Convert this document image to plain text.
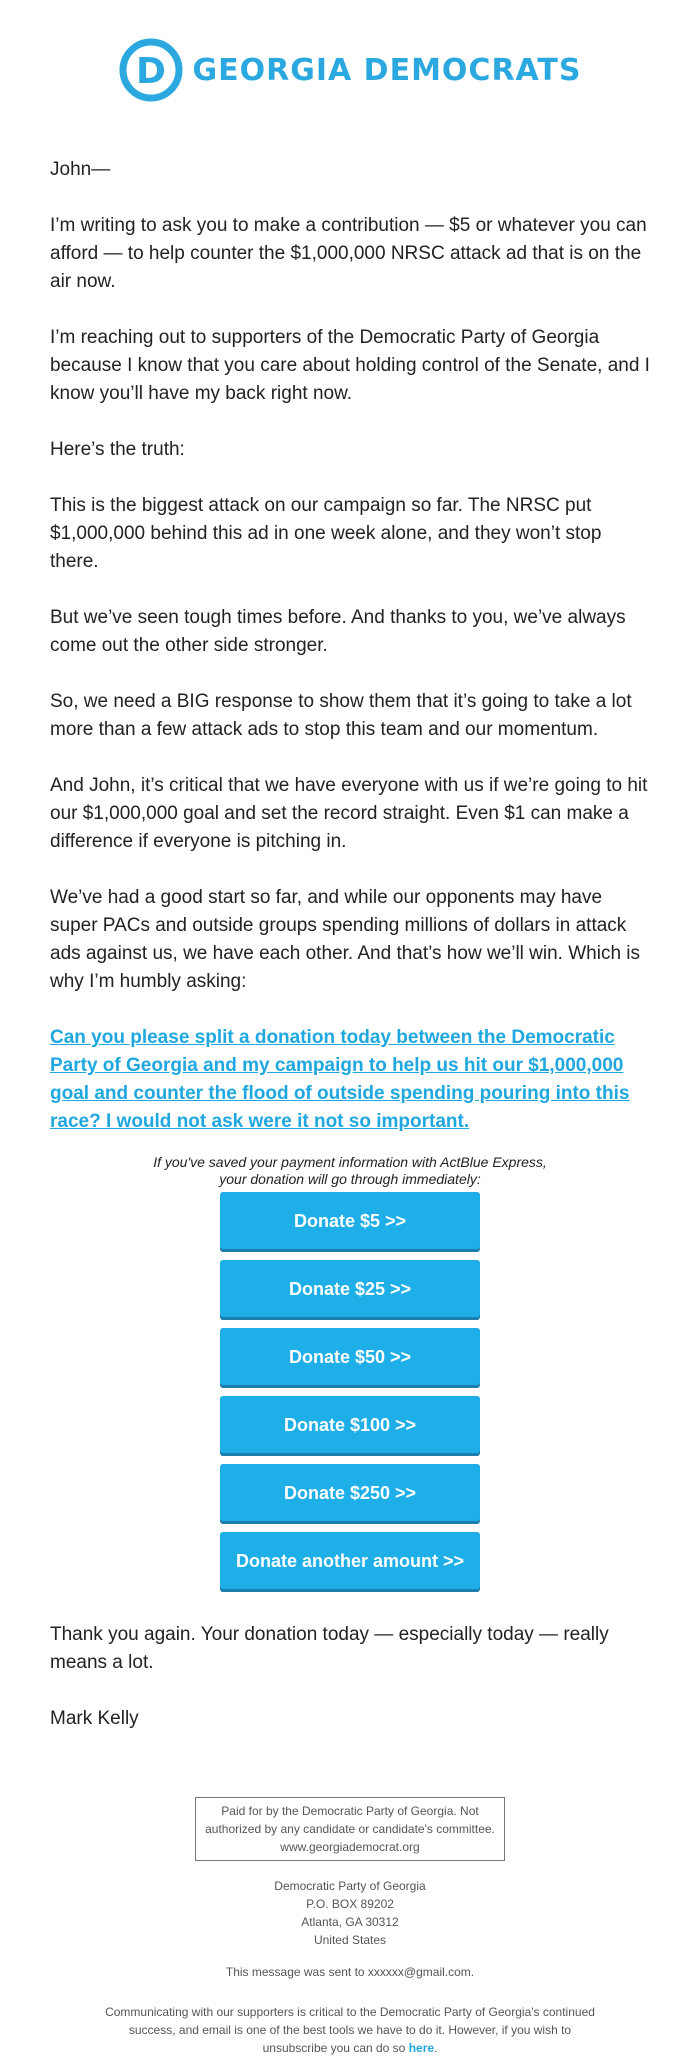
D GEORGIA DEMOCRATS

John—

I’m writing to ask you to make a contribution — $5 or whatever you can afford — to help counter the $1,000,000 NRSC attack ad that is on the air now.

I’m reaching out to supporters of the Democratic Party of Georgia because I know that you care about holding control of the Senate, and I know you’ll have my back right now.

Here’s the truth:

This is the biggest attack on our campaign so far. The NRSC put $1,000,000 behind this ad in one week alone, and they won’t stop there.

But we’ve seen tough times before. And thanks to you, we’ve always come out the other side stronger.

So, we need a BIG response to show them that it’s going to take a lot more than a few attack ads to stop this team and our momentum.

And John, it’s critical that we have everyone with us if we’re going to hit our $1,000,000 goal and set the record straight. Even $1 can make a difference if everyone is pitching in.

We’ve had a good start so far, and while our opponents may have super PACs and outside groups spending millions of dollars in attack ads against us, we have each other. And that’s how we’ll win. Which is why I’m humbly asking:

Can you please split a donation today between the Democratic Party of Georgia and my campaign to help us hit our $1,000,000 goal and counter the flood of outside spending pouring into this race? I would not ask were it not so important.
If you've saved your payment information with ActBlue Express,
your donation will go through immediately:
Donate $5 >>
Donate $25 >>
Donate $50 >>
Donate $100 >>
Donate $250 >>
Donate another amount >>

Thank you again. Your donation today — especially today — really means a lot.

Mark Kelly

Paid for by the Democratic Party of Georgia. Not
authorized by any candidate or candidate's committee.
www.georgiademocrat.org
Democratic Party of Georgia
P.O. BOX 89202
Atlanta, GA 30312
United States
This message was sent to xxxxxx@gmail.com.
Communicating with our supporters is critical to the Democratic Party of Georgia's continued success, and email is one of the best tools we have to do it. However, if you wish to unsubscribe you can do so here.
